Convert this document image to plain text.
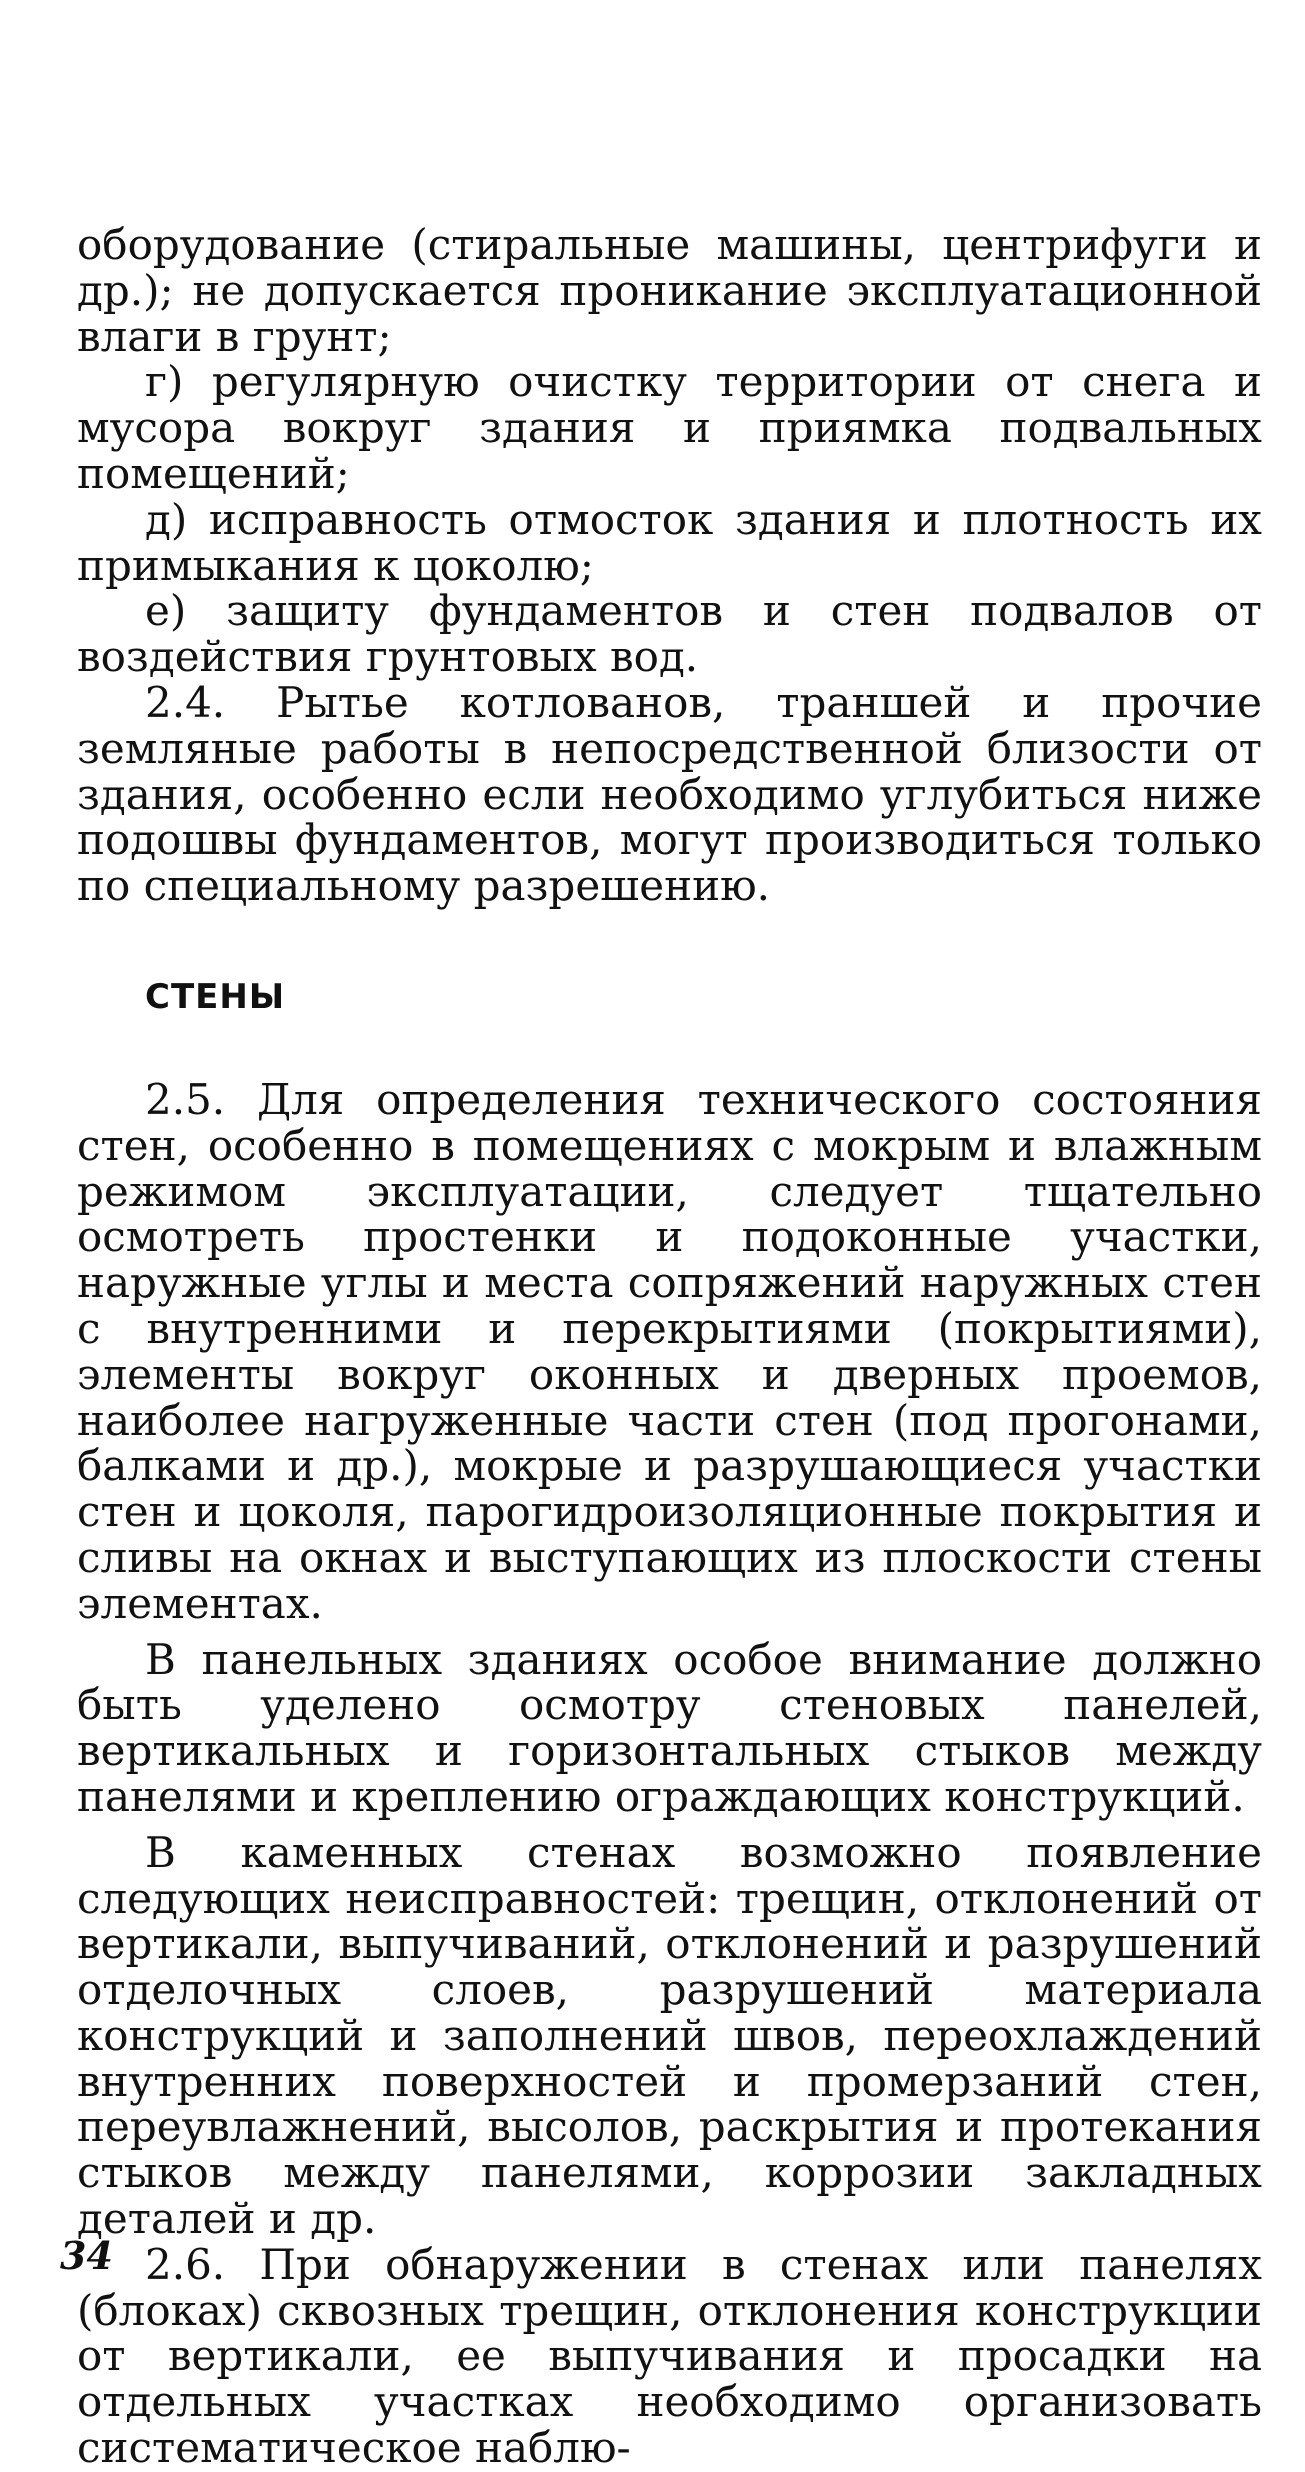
оборудование (стиральные машины, центрифуги и др.); не допускается проникание эксплуатационной влаги в грунт;

г) регулярную очистку территории от снега и мусора вокруг здания и приямка подвальных помещений;

д) исправность отмосток здания и плотность их примыкания к цоколю;

е) защиту фундаментов и стен подвалов от воздействия грунтовых вод.

2.4. Рытье котлованов, траншей и прочие земляные работы в непосредственной близости от здания, особенно если необходимо углубиться ниже подошвы фундаментов, могут производиться только по специальному разрешению.

СТЕНЫ

2.5. Для определения технического состояния стен, особенно в помещениях с мокрым и влажным режимом эксплуатации, следует тщательно осмотреть простенки и подоконные участки, наружные углы и места сопряжений наружных стен с внутренними и перекрытиями (покрытиями), элементы вокруг оконных и дверных проемов, наиболее нагруженные части стен (под прогонами, балками и др.), мокрые и разрушающиеся участки стен и цоколя, парогидроизоляционные покрытия и сливы на окнах и выступающих из плоскости стены элементах.

В панельных зданиях особое внимание должно быть уделено осмотру стеновых панелей, вертикальных и горизонтальных стыков между панелями и креплению ограждающих конструкций.

В каменных стенах возможно появление следующих неисправностей: трещин, отклонений от вертикали, выпучиваний, отклонений и разрушений отделочных слоев, разрушений материала конструкций и заполнений швов, переохлаждений внутренних поверхностей и промерзаний стен, переувлажнений, высолов, раскрытия и протекания стыков между панелями, коррозии закладных деталей и др.

2.6. При обнаружении в стенах или панелях (блоках) сквозных трещин, отклонения конструкции от вертикали, ее выпучивания и просадки на отдельных участках необходимо организовать систематическое наблю-

34
